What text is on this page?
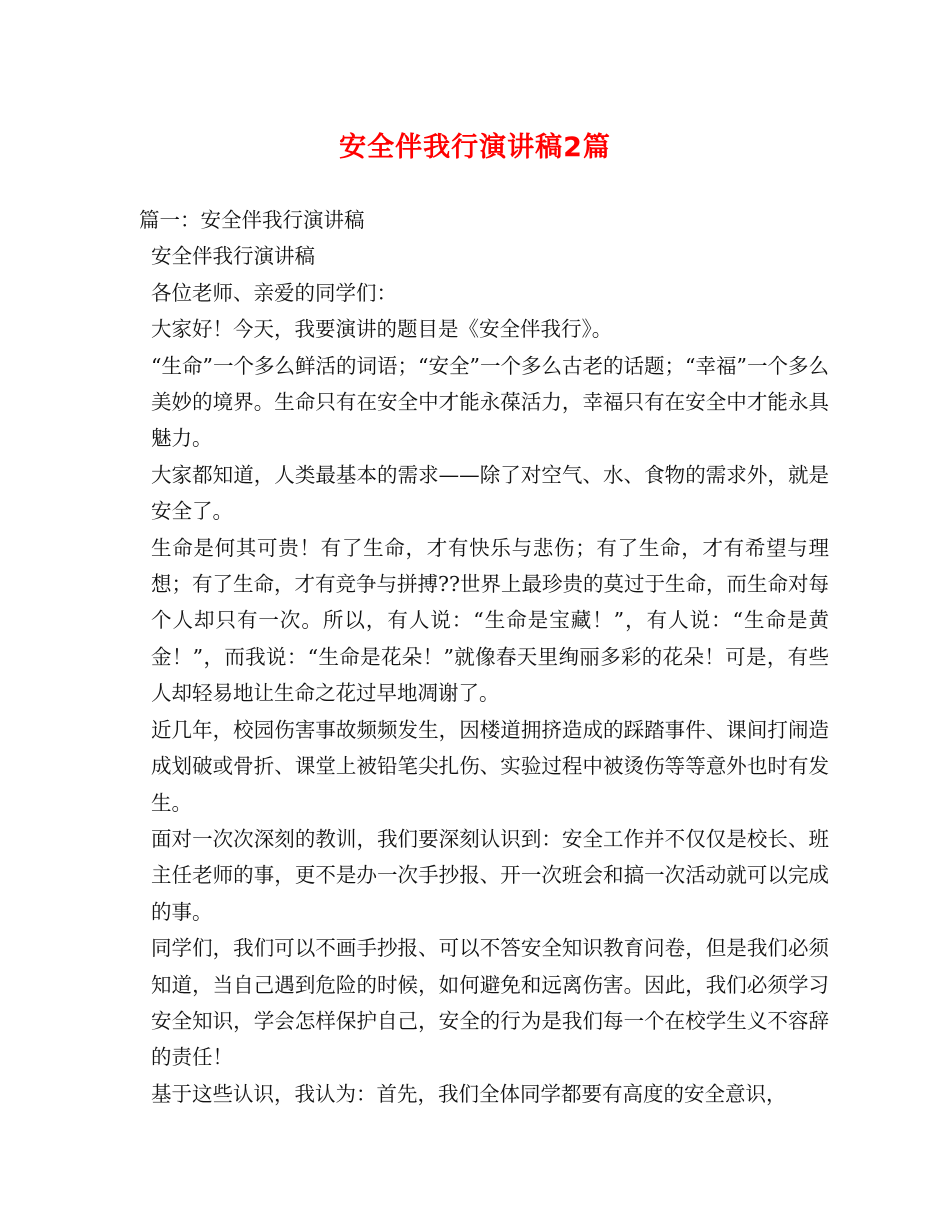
安全伴我行演讲稿2篇

篇一：安全伴我行演讲稿

安全伴我行演讲稿

各位老师、亲爱的同学们：

大家好！今天，我要演讲的题目是《安全伴我行》。

“生命”一个多么鲜活的词语；“安全”一个多么古老的话题；“幸福”一个多么美妙的境界。生命只有在安全中才能永葆活力，幸福只有在安全中才能永具魅力。

大家都知道，人类最基本的需求——除了对空气、水、食物的需求外，就是安全了。

生命是何其可贵！有了生命，才有快乐与悲伤；有了生命，才有希望与理想；有了生命，才有竞争与拼搏??世界上最珍贵的莫过于生命，而生命对每个人却只有一次。所以，有人说：“生命是宝藏！”，有人说：“生命是黄金！”，而我说：“生命是花朵！”就像春天里绚丽多彩的花朵！可是，有些人却轻易地让生命之花过早地凋谢了。

近几年，校园伤害事故频频发生，因楼道拥挤造成的踩踏事件、课间打闹造成划破或骨折、课堂上被铅笔尖扎伤、实验过程中被烫伤等等意外也时有发生。

面对一次次深刻的教训，我们要深刻认识到：安全工作并不仅仅是校长、班主任老师的事，更不是办一次手抄报、开一次班会和搞一次活动就可以完成的事。

同学们，我们可以不画手抄报、可以不答安全知识教育问卷，但是我们必须知道，当自己遇到危险的时候，如何避免和远离伤害。因此，我们必须学习安全知识，学会怎样保护自己，安全的行为是我们每一个在校学生义不容辞的责任！

基于这些认识，我认为：首先，我们全体同学都要有高度的安全意识，
